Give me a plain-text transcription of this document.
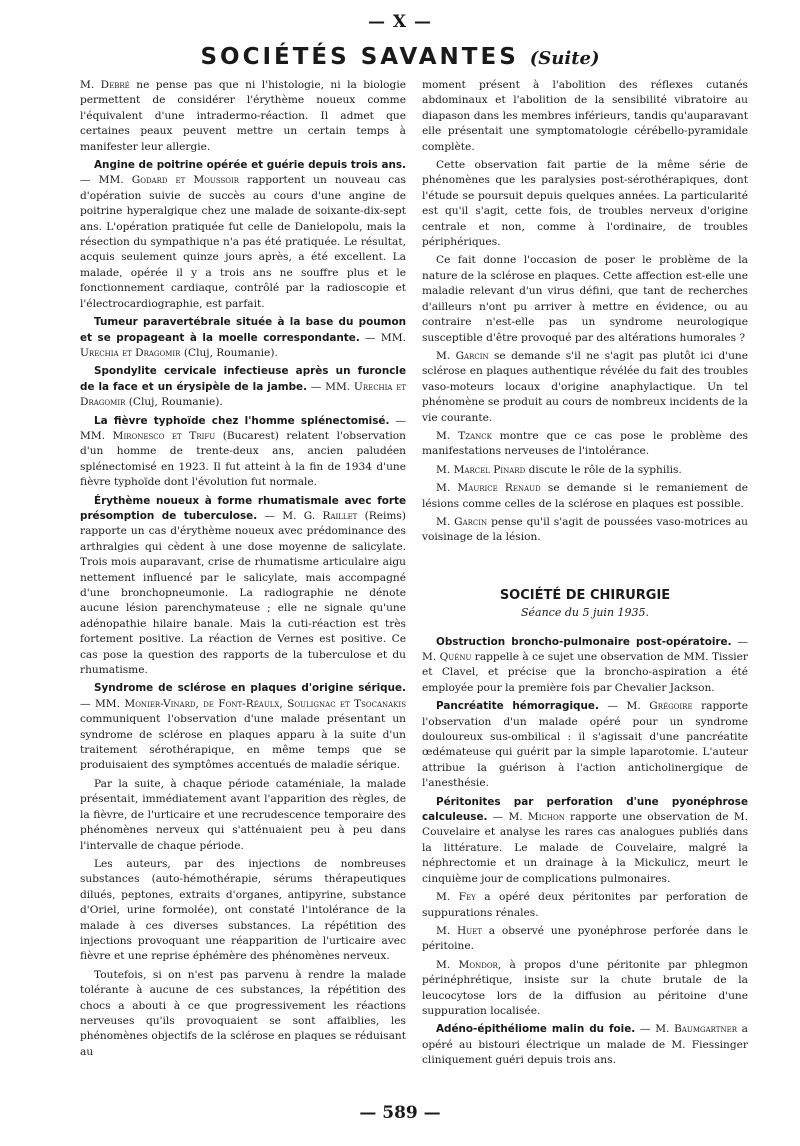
— X —
SOCIÉTÉS SAVANTES (Suite)

M. Debré ne pense pas que ni l'histologie, ni la biologie permettent de considérer l'érythème noueux comme l'équivalent d'une intradermo-réaction. Il admet que certaines peaux peuvent mettre un certain temps à manifester leur allergie.

Angine de poitrine opérée et guérie depuis trois ans. — MM. Godard et Moussoir rapportent un nouveau cas d'opération suivie de succès au cours d'une angine de poitrine hyperalgique chez une malade de soixante-dix-sept ans. L'opération pratiquée fut celle de Danielopolu, mais la résection du sympathique n'a pas été pratiquée. Le résultat, acquis seulement quinze jours après, a été excellent. La malade, opérée il y a trois ans ne souffre plus et le fonctionnement cardiaque, contrôlé par la radioscopie et l'électrocardiographie, est parfait.

Tumeur paravertébrale située à la base du poumon et se propageant à la moelle correspondante. — MM. Urechia et Dragomir (Cluj, Roumanie).

Spondylite cervicale infectieuse après un furoncle de la face et un érysipèle de la jambe. — MM. Urechia et Dragomir (Cluj, Roumanie).

La fièvre typhoïde chez l'homme splénectomisé. — MM. Mironesco et Trifu (Bucarest) relatent l'observation d'un homme de trente-deux ans, ancien paludéen splénectomisé en 1923. Il fut atteint à la fin de 1934 d'une fièvre typhoïde dont l'évolution fut normale.

Érythème noueux à forme rhumatismale avec forte présomption de tuberculose. — M. G. Raillet (Reims) rapporte un cas d'érythème noueux avec prédominance des arthralgies qui cèdent à une dose moyenne de salicylate. Trois mois auparavant, crise de rhumatisme articulaire aigu nettement influencé par le salicylate, mais accompagné d'une bronchopneumonie. La radiographie ne dénote aucune lésion parenchymateuse ; elle ne signale qu'une adénopathie hilaire banale. Mais la cuti-réaction est très fortement positive. La réaction de Vernes est positive. Ce cas pose la question des rapports de la tuberculose et du rhumatisme.

Syndrome de sclérose en plaques d'origine sérique. — MM. Monier-Vinard, de Font-Réaulx, Soulignac et Tsocanakis communiquent l'observation d'une malade présentant un syndrome de sclérose en plaques apparu à la suite d'un traitement sérothérapique, en même temps que se produisaient des symptômes accentués de maladie sérique.

Par la suite, à chaque période cataméniale, la malade présentait, immédiatement avant l'apparition des règles, de la fièvre, de l'urticaire et une recrudescence temporaire des phénomènes nerveux qui s'atténuaient peu à peu dans l'intervalle de chaque période.

Les auteurs, par des injections de nombreuses substances (auto-hémothérapie, sérums thérapeutiques dilués, peptones, extraits d'organes, antipyrine, substance d'Oriel, urine formolée), ont constaté l'intolérance de la malade à ces diverses substances. La répétition des injections provoquant une réapparition de l'urticaire avec fièvre et une reprise éphémère des phénomènes nerveux.

Toutefois, si on n'est pas parvenu à rendre la malade tolérante à aucune de ces substances, la répétition des chocs a abouti à ce que progressivement les réactions nerveuses qu'ils provoquaient se sont affaiblies, les phénomènes objectifs de la sclérose en plaques se réduisant au

moment présent à l'abolition des réflexes cutanés abdominaux et l'abolition de la sensibilité vibratoire au diapason dans les membres inférieurs, tandis qu'auparavant elle présentait une symptomatologie cérébello-pyramidale complète.

Cette observation fait partie de la même série de phénomènes que les paralysies post-sérothérapiques, dont l'étude se poursuit depuis quelques années. La particularité est qu'il s'agit, cette fois, de troubles nerveux d'origine centrale et non, comme à l'ordinaire, de troubles périphériques.

Ce fait donne l'occasion de poser le problème de la nature de la sclérose en plaques. Cette affection est-elle une maladie relevant d'un virus défini, que tant de recherches d'ailleurs n'ont pu arriver à mettre en évidence, ou au contraire n'est-elle pas un syndrome neurologique susceptible d'être provoqué par des altérations humorales ?

M. Garcin se demande s'il ne s'agit pas plutôt ici d'une sclérose en plaques authentique révélée du fait des troubles vaso-moteurs locaux d'origine anaphylactique. Un tel phénomène se produit au cours de nombreux incidents de la vie courante.

M. Tzanck montre que ce cas pose le problème des manifestations nerveuses de l'intolérance.

M. Marcel Pinard discute le rôle de la syphilis.

M. Maurice Renaud se demande si le remaniement de lésions comme celles de la sclérose en plaques est possible.

M. Garcin pense qu'il s'agit de poussées vaso-motrices au voisinage de la lésion.

SOCIÉTÉ DE CHIRURGIE
Séance du 5 juin 1935.

Obstruction broncho-pulmonaire post-opératoire. — M. Quénu rappelle à ce sujet une observation de MM. Tissier et Clavel, et précise que la broncho-aspiration a été employée pour la première fois par Chevalier Jackson.

Pancréatite hémorragique. — M. Grégoire rapporte l'observation d'un malade opéré pour un syndrome douloureux sus-ombilical : il s'agissait d'une pancréatite œdémateuse qui guérit par la simple laparotomie. L'auteur attribue la guérison à l'action anticholinergique de l'anesthésie.

Péritonites par perforation d'une pyonéphrose calculeuse. — M. Michon rapporte une observation de M. Couvelaire et analyse les rares cas analogues publiés dans la littérature. Le malade de Couvelaire, malgré la néphrectomie et un drainage à la Mickulicz, meurt le cinquième jour de complications pulmonaires.

M. Fey a opéré deux péritonites par perforation de suppurations rénales.

M. Huet a observé une pyonéphrose perforée dans le péritoine.

M. Mondor, à propos d'une péritonite par phlegmon périnéphrétique, insiste sur la chute brutale de la leucocytose lors de la diffusion au péritoine d'une suppuration localisée.

Adéno-épithéliome malin du foie. — M. Baumgartner a opéré au bistouri électrique un malade de M. Fiessinger cliniquement guéri depuis trois ans.

— 589 —
